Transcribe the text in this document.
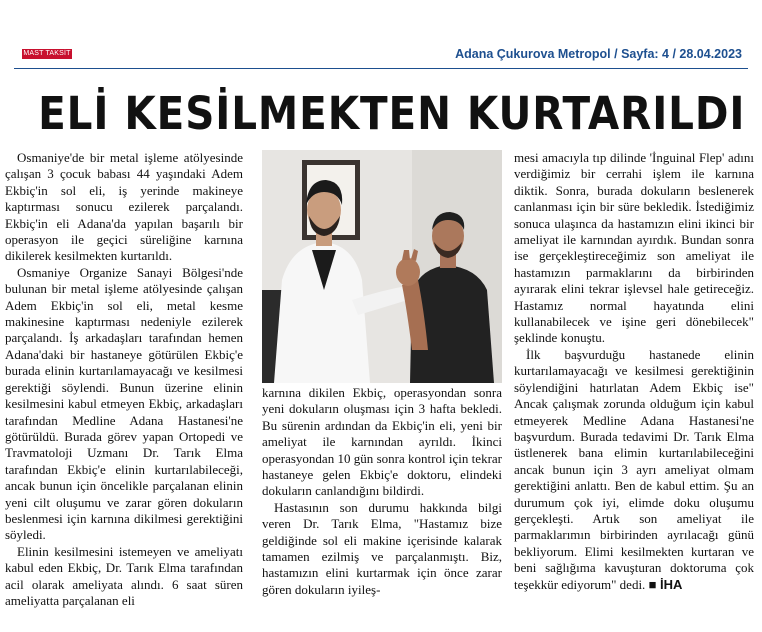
MAST TAKSİT	Adana Çukurova Metropol / Sayfa: 4 / 28.04.2023
ELİ KESİLMEKTEN KURTARILDI

Osmaniye'de bir metal işleme atölyesinde çalışan 3 çocuk babası 44 yaşındaki Adem Ekbiç'in sol eli, iş yerinde makineye kaptırması sonucu ezilerek parçalandı. Ekbiç'in eli Adana'da yapılan başarılı bir operasyon ile geçici süreliğine karnına dikilerek kesilmekten kurtarıldı.

Osmaniye Organize Sanayi Bölgesi'nde bulunan bir metal işleme atölyesinde çalışan Adem Ekbiç'in sol eli, metal kesme makinesine kaptırması nedeniyle ezilerek parçalandı. İş arkadaşları tarafından hemen Adana'daki bir hastaneye götürülen Ekbiç'e burada elinin kurtarılamayacağı ve kesilmesi gerektiği söylendi. Bunun üzerine elinin kesilmesini kabul etmeyen Ekbiç, arkadaşları tarafından Medline Adana Hastanesi'ne götürüldü. Burada görev yapan Ortopedi ve Travmatoloji Uzmanı Dr. Tarık Elma tarafından Ekbiç'e elinin kurtarılabileceği, ancak bunun için öncelikle parçalanan elinin yeni cilt oluşumu ve zarar gören dokuların beslenmesi için karnına dikilmesi gerektiğini söyledi.

Elinin kesilmesini istemeyen ve ameliyatı kabul eden Ekbiç, Dr. Tarık Elma tarafından acil olarak ameliyata alındı. 6 saat süren ameliyatta parçalanan eli

karnına dikilen Ekbiç, operasyondan sonra yeni dokuların oluşması için 3 hafta bekledi. Bu sürenin ardından da Ekbiç'in eli, yeni bir ameliyat ile karnından ayrıldı. İkinci operasyondan 10 gün sonra kontrol için tekrar hastaneye gelen Ekbiç'e doktoru, elindeki dokuların canlandığını bildirdi.

Hastasının son durumu hakkında bilgi veren Dr. Tarık Elma, "Hastamız bize geldiğinde sol eli makine içerisinde kalarak tamamen ezilmiş ve parçalanmıştı. Biz, hastamızın elini kurtarmak için önce zarar gören dokuların iyileş-

mesi amacıyla tıp dilinde 'İnguinal Flep' adını verdiğimiz bir cerrahi işlem ile karnına diktik. Sonra, burada dokuların beslenerek canlanması için bir süre bekledik. İstediğimiz sonuca ulaşınca da hastamızın elini ikinci bir ameliyat ile karnından ayırdık. Bundan sonra ise gerçekleştireceğimiz son ameliyat ile hastamızın parmaklarını da birbirinden ayırarak elini tekrar işlevsel hale getireceğiz. Hastamız normal hayatında elini kullanabilecek ve işine geri dönebilecek" şeklinde konuştu.

İlk başvurduğu hastanede elinin kurtarılamayacağı ve kesilmesi gerektiğinin söylendiğini hatırlatan Adem Ekbiç ise" Ancak çalışmak zorunda olduğum için kabul etmeyerek Medline Adana Hastanesi'ne başvurdum. Burada tedavimi Dr. Tarık Elma üstlenerek bana elimin kurtarılabileceğini ancak bunun için 3 ayrı ameliyat olmam gerektiğini anlattı. Ben de kabul ettim. Şu an durumum çok iyi, elimde doku oluşumu gerçekleşti. Artık son ameliyat ile parmaklarımın birbirinden ayrılacağı günü bekliyorum. Elimi kesilmekten kurtaran ve beni sağlığıma kavuşturan doktoruma çok teşekkür ediyorum" dedi. ■ İHA
